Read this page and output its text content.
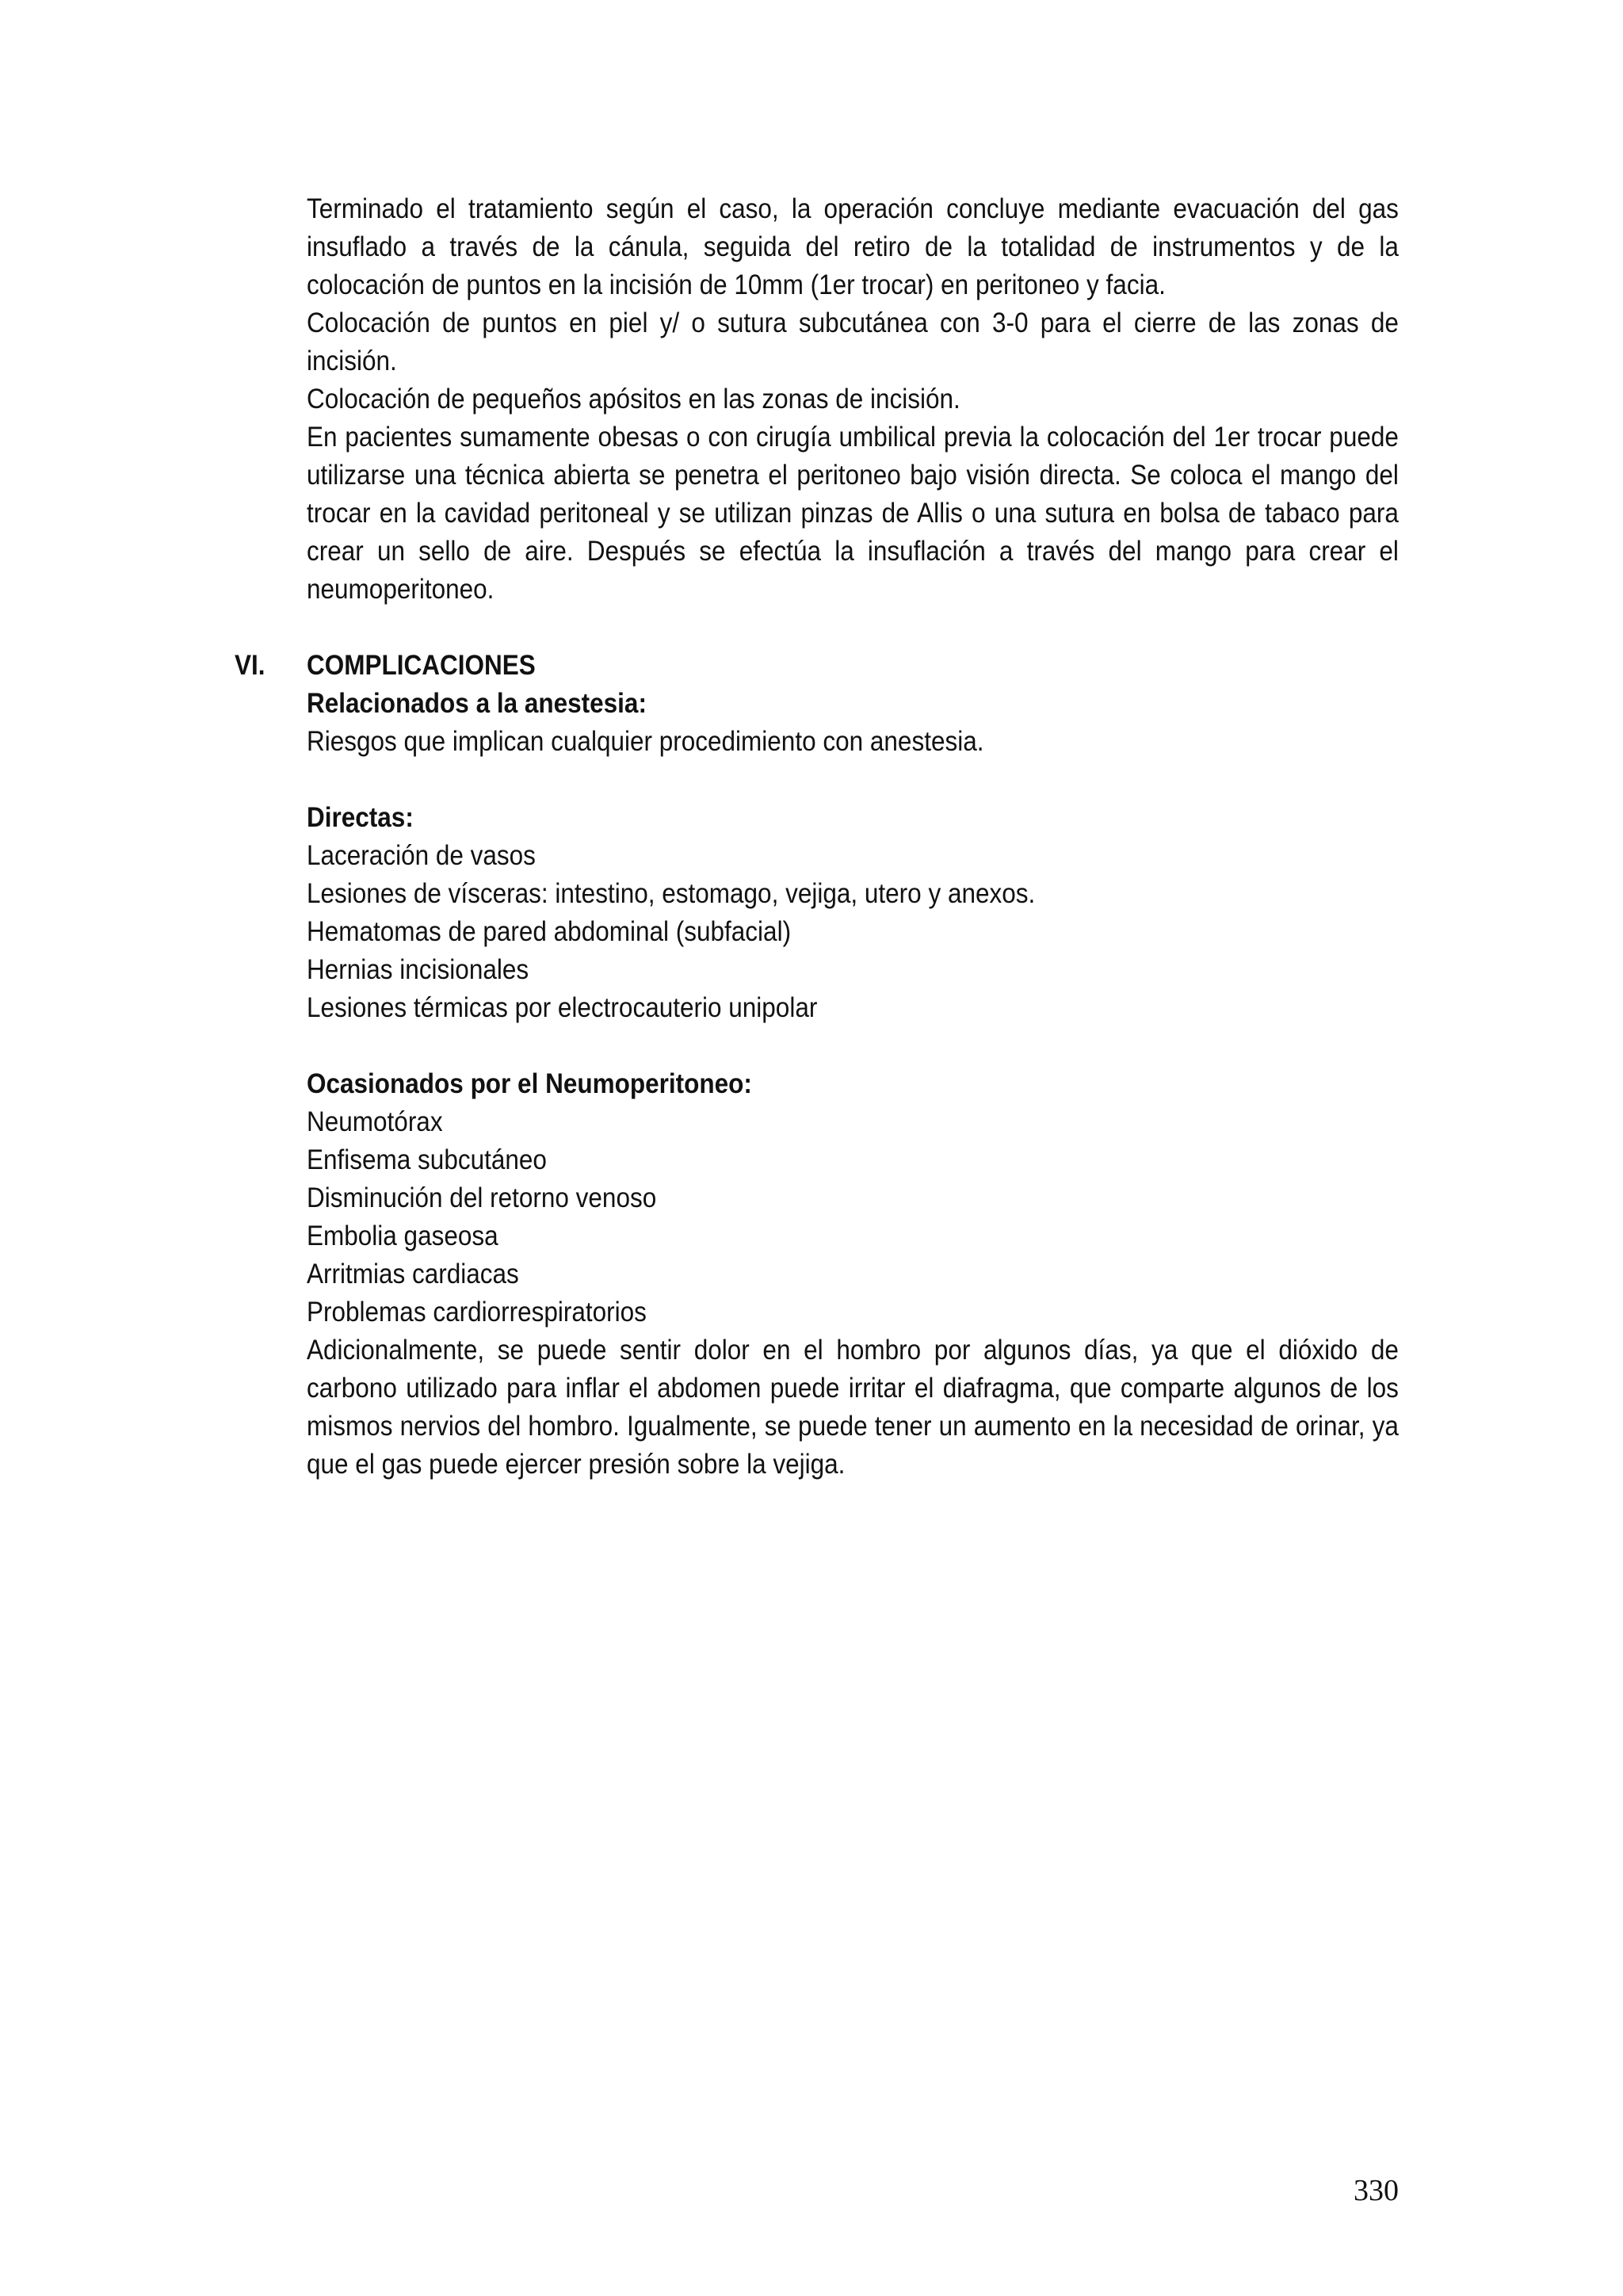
VI.

Terminado el tratamiento según el caso, la operación concluye mediante evacuación del gas insuflado a través de la cánula, seguida del retiro de la totalidad de instrumentos y de la colocación de puntos en la incisión de 10mm (1er trocar) en peritoneo y facia.

Colocación de puntos en piel y/ o sutura subcutánea con 3-0 para el cierre de las zonas de incisión.

Colocación de pequeños apósitos en las zonas de incisión.

En pacientes sumamente obesas o con cirugía umbilical previa la colocación del 1er trocar puede utilizarse una técnica abierta se penetra el peritoneo bajo visión directa. Se coloca el mango del trocar en la cavidad peritoneal y se utilizan pinzas de Allis o una sutura en bolsa de tabaco para crear un sello de aire. Después se efectúa la insuflación a través del mango para crear el neumoperitoneo.

COMPLICACIONES

Relacionados a la anestesia:

Riesgos que implican cualquier procedimiento con anestesia.

Directas:

Laceración de vasos

Lesiones de vísceras: intestino, estomago, vejiga, utero y anexos.

Hematomas de pared abdominal (subfacial)

Hernias incisionales

Lesiones térmicas por electrocauterio unipolar

Ocasionados por el Neumoperitoneo:

Neumotórax

Enfisema subcutáneo

Disminución del retorno venoso

Embolia gaseosa

Arritmias cardiacas

Problemas cardiorrespiratorios

Adicionalmente, se puede sentir dolor en el hombro por algunos días, ya que el dióxido de carbono utilizado para inflar el abdomen puede irritar el diafragma, que comparte algunos de los mismos nervios del hombro. Igualmente, se puede tener un aumento en la necesidad de orinar, ya que el gas puede ejercer presión sobre la vejiga.

330
